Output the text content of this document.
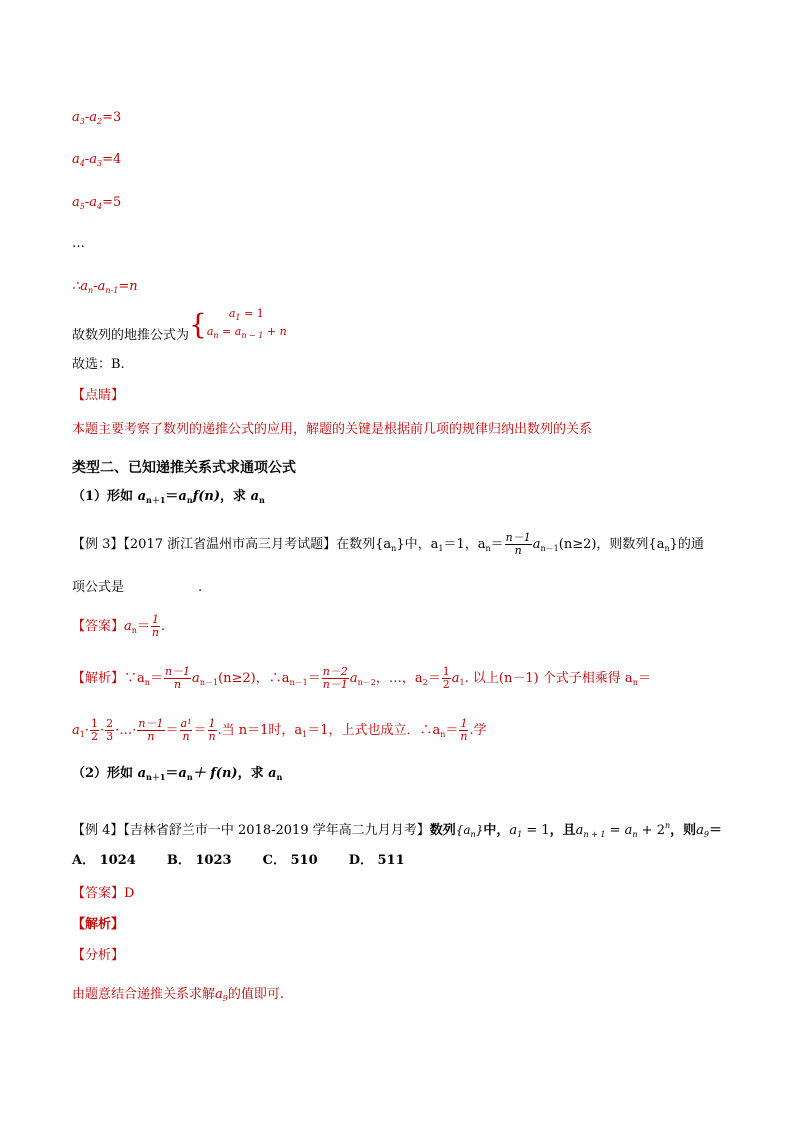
$a_3-a_2=3$
$a_4-a_3=4$
$a_5-a_4=5$
…
$\therefore a_n-a_{n-1}=n$
故数列的地推公式为{	$a_1 = 1$
$a_n = a_{n - 1} + n$
故选：B.
【点睛】
本题主要考察了数列的递推公式的应用，解题的关键是根据前几项的规律归纳出数列的关系
类型二、已知递推关系式求通项公式
（1）形如 $a_{n+1}=a_nf(n)$，求 $a_n$
【例 3】【2017 浙江省温州市高三月考试题】在数列$\{a_n\}$中，$a_1=1$，$a_n= \frac{n-1}{n} a_{n-1}(n\ge 2)$，则数列$\{a_n\}$的通
项公式是	.
【答案】$a_n= \frac{1}{n}$ .
【解析】$\because a_n= \frac{n-1}{n} a_{n-1}(n\ge 2)$，$\therefore a_{n-1}= \frac{n-2}{n-1} a_{n-2}$，…，$a_2= \frac{1}{2} a_1$. 以上(n－1) 个式子相乘得 $a_n=$
$a_1\cdot \frac{1}{2} \cdot \frac{2}{3}$ ·…· $\frac{n-1}{n} = \frac{\text{a¹}}{n} = \frac{1}{n}$ .当 n＝1时，$a_1=1$，上式也成立．$\therefore a_n= \frac{1}{n}$ .学
（2）形如 $a_{n+1}=a_n+ f(n)$，求 $a_n$
【例 4】【吉林省舒兰市一中 2018-2019 学年高二九月月考】数列$\{a_n\}$中，$a_1 = 1$，且$a_{n + 1} = a_n + 2^n$，则$a_9=$
A． 1024 B． 1023 C． 510 D． 511
【答案】D
【解析】
【分析】
由题意结合递推关系求解$a_9$的值即可.
